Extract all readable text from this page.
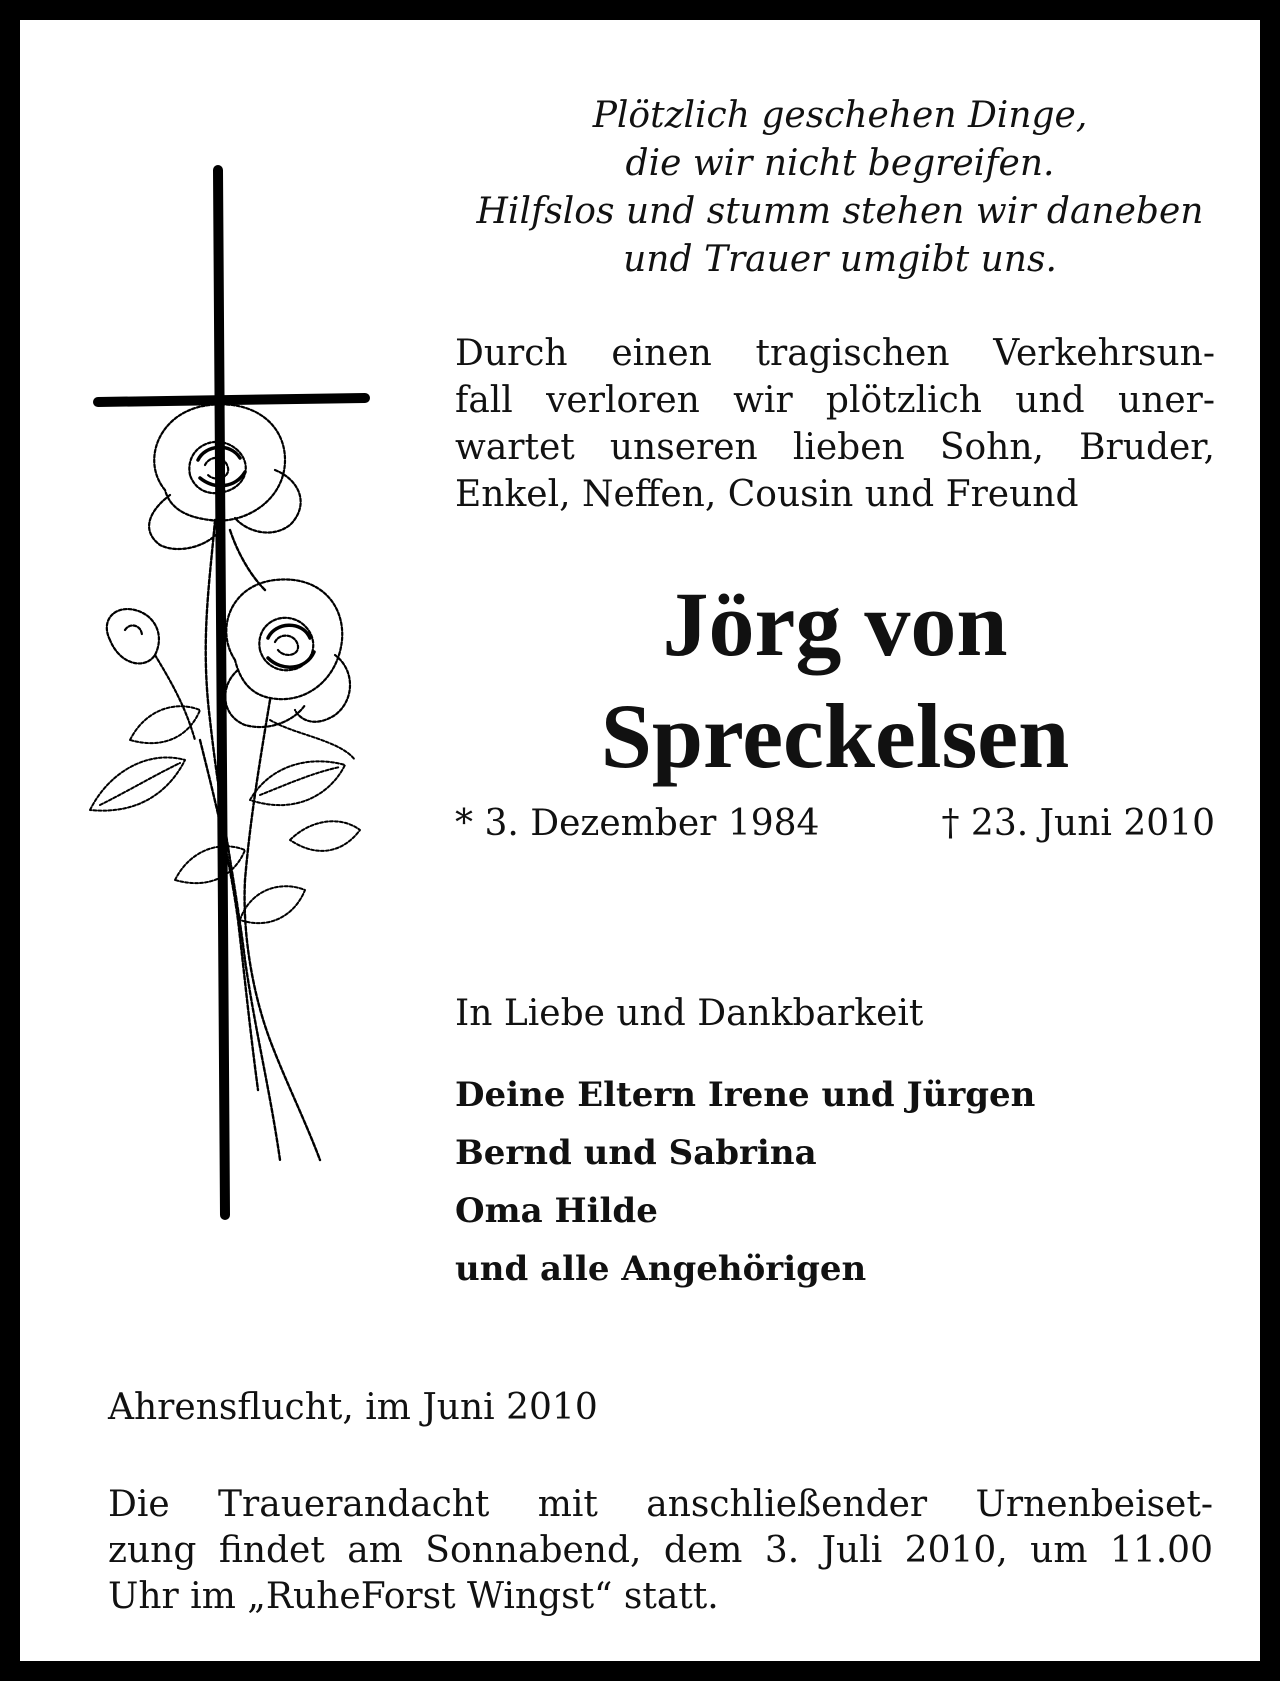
Plötzlich geschehen Dinge,
die wir nicht begreifen.
Hilfslos und stumm stehen wir daneben
und Trauer umgibt uns.
Durch einen tragischen Verkehrsun-
fall verloren wir plötzlich und uner-
wartet unseren lieben Sohn, Bruder,
Enkel, Neffen, Cousin und Freund
Jörg von
Spreckelsen
* 3. Dezember 1984	† 23. Juni 2010
In Liebe und Dankbarkeit
Deine Eltern Irene und Jürgen
Bernd und Sabrina
Oma Hilde
und alle Angehörigen
Ahrensflucht, im Juni 2010
Die Trauerandacht mit anschließender Urnenbeiset-
zung findet am Sonnabend, dem 3. Juli 2010, um 11.00
Uhr im „RuheForst Wingst“ statt.
